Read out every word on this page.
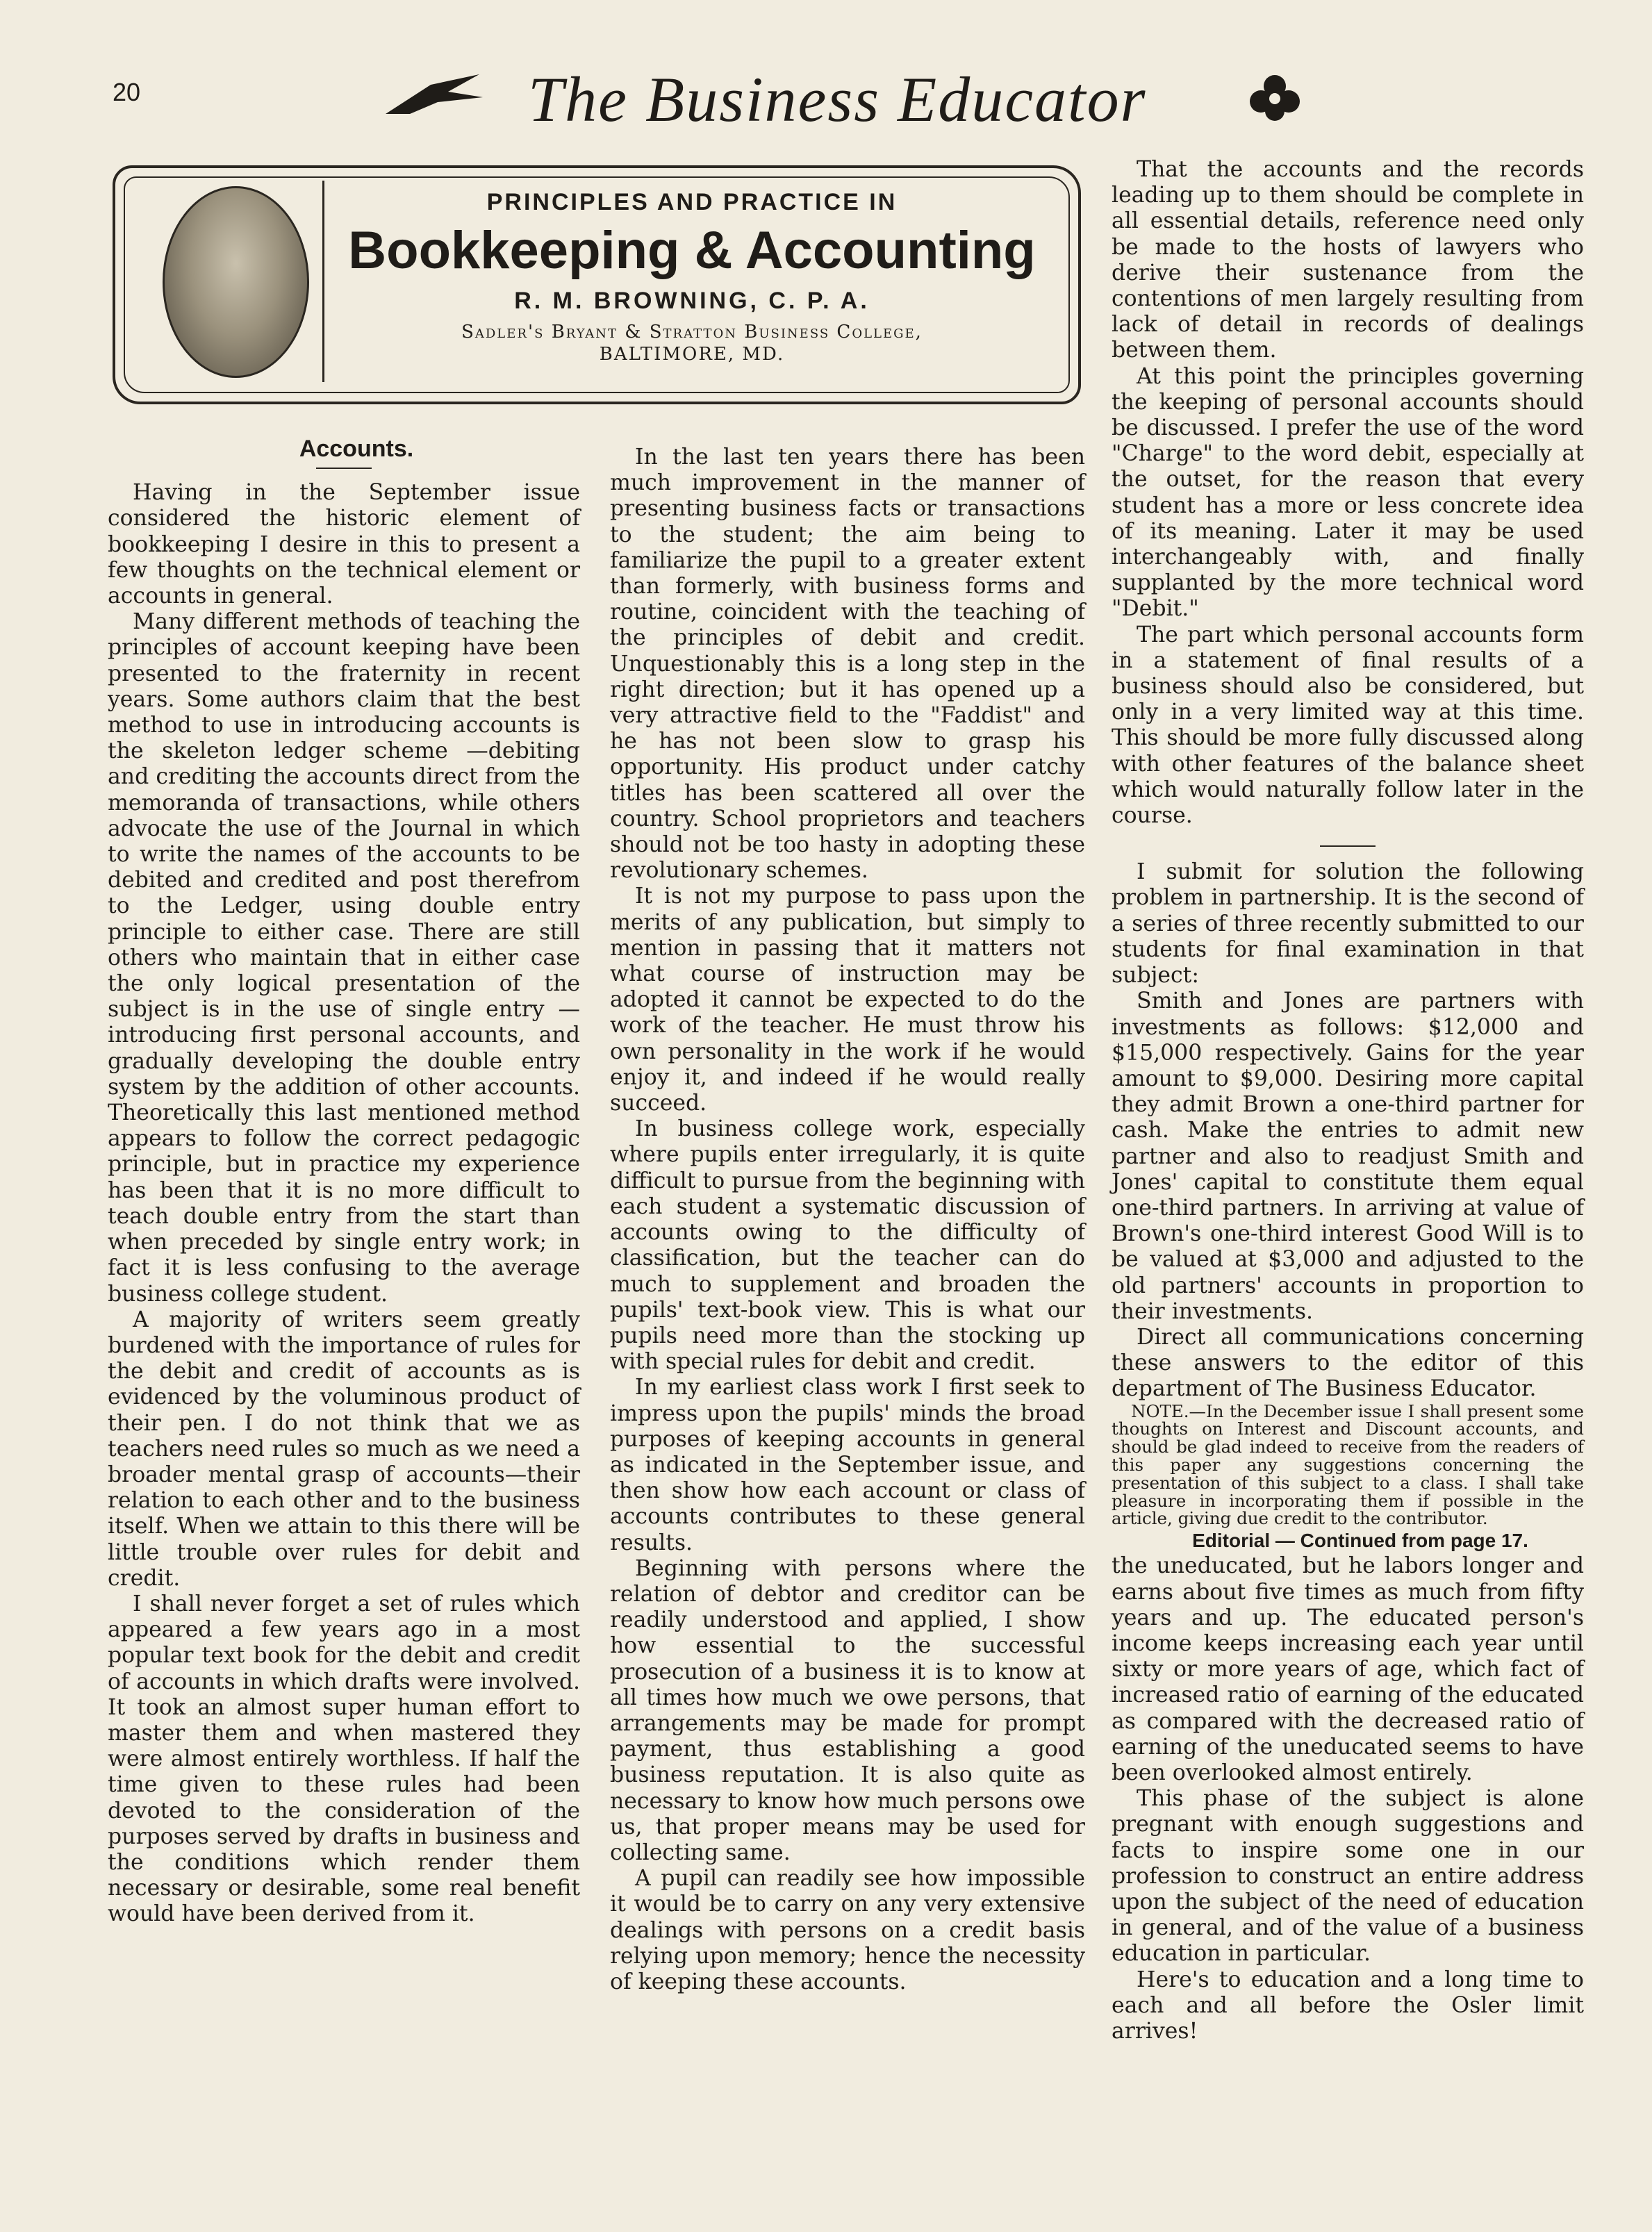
20	The Business Educator
PRINCIPLES AND PRACTICE IN
Bookkeeping & Accounting
R. M. BROWNING, C. P. A.
Sadler's Bryant & Stratton Business College,
BALTIMORE, MD.

Accounts.

Having in the September issue considered the historic element of bookkeeping I desire in this to present a few thoughts on the technical element or accounts in general.

Many different methods of teaching the principles of account keeping have been presented to the fraternity in recent years. Some authors claim that the best method to use in introducing accounts is the skeleton ledger scheme —debiting and crediting the accounts direct from the memoranda of transactions, while others advocate the use of the Journal in which to write the names of the accounts to be debited and credited and post therefrom to the Ledger, using double entry principle to either case. There are still others who maintain that in either case the only logical presentation of the subject is in the use of single entry — introducing first personal accounts, and gradually developing the double entry system by the addition of other accounts. Theoretically this last mentioned method appears to follow the correct pedagogic principle, but in practice my experience has been that it is no more difficult to teach double entry from the start than when preceded by single entry work; in fact it is less confusing to the average business college student.

A majority of writers seem greatly burdened with the importance of rules for the debit and credit of accounts as is evidenced by the voluminous product of their pen. I do not think that we as teachers need rules so much as we need a broader mental grasp of accounts—their relation to each other and to the business itself. When we attain to this there will be little trouble over rules for debit and credit.

I shall never forget a set of rules which appeared a few years ago in a most popular text book for the debit and credit of accounts in which drafts were involved. It took an almost super human effort to master them and when mastered they were almost entirely worthless. If half the time given to these rules had been devoted to the consideration of the purposes served by drafts in business and the conditions which render them necessary or desirable, some real benefit would have been derived from it.

In the last ten years there has been much improvement in the manner of presenting business facts or transactions to the student; the aim being to familiarize the pupil to a greater extent than formerly, with business forms and routine, coincident with the teaching of the principles of debit and credit. Unquestionably this is a long step in the right direction; but it has opened up a very attractive field to the "Faddist" and he has not been slow to grasp his opportunity. His product under catchy titles has been scattered all over the country. School proprietors and teachers should not be too hasty in adopting these revolutionary schemes.

It is not my purpose to pass upon the merits of any publication, but simply to mention in passing that it matters not what course of instruction may be adopted it cannot be expected to do the work of the teacher. He must throw his own personality in the work if he would enjoy it, and indeed if he would really succeed.

In business college work, especially where pupils enter irregularly, it is quite difficult to pursue from the beginning with each student a systematic discussion of accounts owing to the difficulty of classification, but the teacher can do much to supplement and broaden the pupils' text-book view. This is what our pupils need more than the stocking up with special rules for debit and credit.

In my earliest class work I first seek to impress upon the pupils' minds the broad purposes of keeping accounts in general as indicated in the September issue, and then show how each account or class of accounts contributes to these general results.

Beginning with persons where the relation of debtor and creditor can be readily understood and applied, I show how essential to the successful prosecution of a business it is to know at all times how much we owe persons, that arrangements may be made for prompt payment, thus establishing a good business reputation. It is also quite as necessary to know how much persons owe us, that proper means may be used for collecting same.

A pupil can readily see how impossible it would be to carry on any very extensive dealings with persons on a credit basis relying upon memory; hence the necessity of keeping these accounts.

That the accounts and the records leading up to them should be complete in all essential details, reference need only be made to the hosts of lawyers who derive their sustenance from the contentions of men largely resulting from lack of detail in records of dealings between them.

At this point the principles governing the keeping of personal accounts should be discussed. I prefer the use of the word "Charge" to the word debit, especially at the outset, for the reason that every student has a more or less concrete idea of its meaning. Later it may be used interchangeably with, and finally supplanted by the more technical word "Debit."

The part which personal accounts form in a statement of final results of a business should also be considered, but only in a very limited way at this time. This should be more fully discussed along with other features of the balance sheet which would naturally follow later in the course.

I submit for solution the following problem in partnership. It is the second of a series of three recently submitted to our students for final examination in that subject:

Smith and Jones are partners with investments as follows: $12,000 and $15,000 respectively. Gains for the year amount to $9,000. Desiring more capital they admit Brown a one-third partner for cash. Make the entries to admit new partner and also to readjust Smith and Jones' capital to constitute them equal one-third partners. In arriving at value of Brown's one-third interest Good Will is to be valued at $3,000 and adjusted to the old partners' accounts in proportion to their investments.

Direct all communications concerning these answers to the editor of this department of The Business Educator.

NOTE.—In the December issue I shall present some thoughts on Interest and Discount accounts, and should be glad indeed to receive from the readers of this paper any suggestions concerning the presentation of this subject to a class. I shall take pleasure in incorporating them if possible in the article, giving due credit to the contributor.

Editorial — Continued from page 17.

the uneducated, but he labors longer and earns about five times as much from fifty years and up. The educated person's income keeps increasing each year until sixty or more years of age, which fact of increased ratio of earning of the educated as compared with the decreased ratio of earning of the uneducated seems to have been overlooked almost entirely.

This phase of the subject is alone pregnant with enough suggestions and facts to inspire some one in our profession to construct an entire address upon the subject of the need of education in general, and of the value of a business education in particular.

Here's to education and a long time to each and all before the Osler limit arrives!
